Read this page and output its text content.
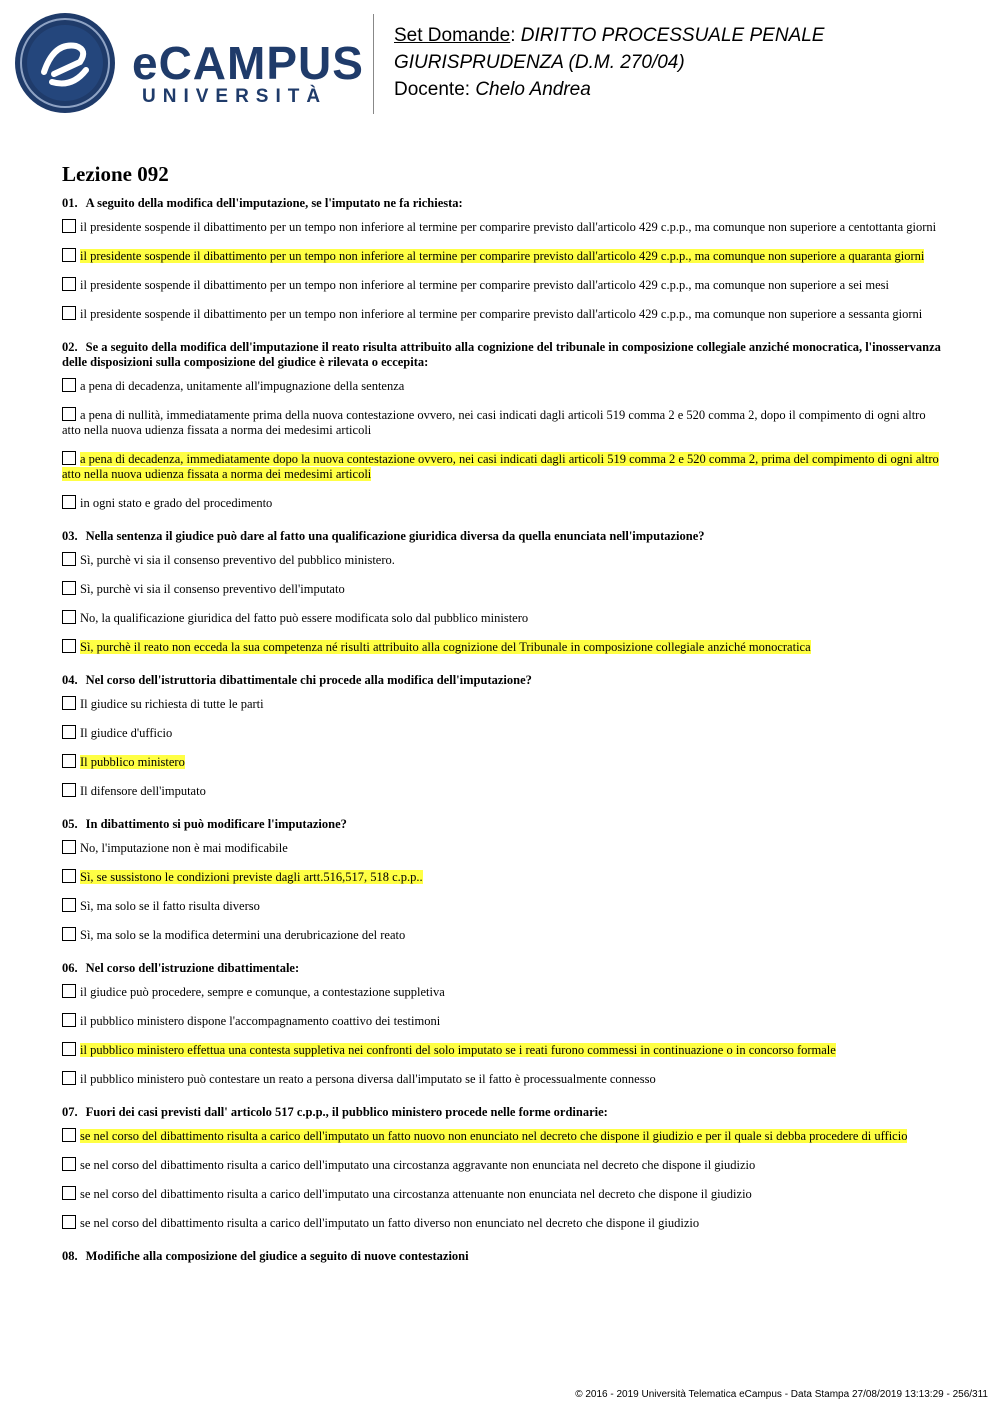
eCAMPUS
UNIVERSITÀ
Set Domande: DIRITTO PROCESSUALE PENALE
GIURISPRUDENZA (D.M. 270/04)
Docente: Chelo Andrea
Lezione 092
01. A seguito della modifica dell'imputazione, se l'imputato ne fa richiesta:
il presidente sospende il dibattimento per un tempo non inferiore al termine per comparire previsto dall'articolo 429 c.p.p., ma comunque non superiore a centottanta giorni
il presidente sospende il dibattimento per un tempo non inferiore al termine per comparire previsto dall'articolo 429 c.p.p., ma comunque non superiore a quaranta giorni
il presidente sospende il dibattimento per un tempo non inferiore al termine per comparire previsto dall'articolo 429 c.p.p., ma comunque non superiore a sei mesi
il presidente sospende il dibattimento per un tempo non inferiore al termine per comparire previsto dall'articolo 429 c.p.p., ma comunque non superiore a sessanta giorni
02. Se a seguito della modifica dell'imputazione il reato risulta attribuito alla cognizione del tribunale in composizione collegiale anziché monocratica, l'inosservanza delle disposizioni sulla composizione del giudice è rilevata o eccepita:
a pena di decadenza, unitamente all'impugnazione della sentenza
a pena di nullità, immediatamente prima della nuova contestazione ovvero, nei casi indicati dagli articoli 519 comma 2 e 520 comma 2, dopo il compimento di ogni altro atto nella nuova udienza fissata a norma dei medesimi articoli
a pena di decadenza, immediatamente dopo la nuova contestazione ovvero, nei casi indicati dagli articoli 519 comma 2 e 520 comma 2, prima del compimento di ogni altro atto nella nuova udienza fissata a norma dei medesimi articoli
in ogni stato e grado del procedimento
03. Nella sentenza il giudice può dare al fatto una qualificazione giuridica diversa da quella enunciata nell'imputazione?
Sì, purchè vi sia il consenso preventivo del pubblico ministero.
Sì, purchè vi sia il consenso preventivo dell'imputato
No, la qualificazione giuridica del fatto può essere modificata solo dal pubblico ministero
Sì, purchè il reato non ecceda la sua competenza né risulti attribuito alla cognizione del Tribunale in composizione collegiale anziché monocratica
04. Nel corso dell'istruttoria dibattimentale chi procede alla modifica dell'imputazione?
Il giudice su richiesta di tutte le parti
Il giudice d'ufficio
Il pubblico ministero
Il difensore dell'imputato
05. In dibattimento si può modificare l'imputazione?
No, l'imputazione non è mai modificabile
Sì, se sussistono le condizioni previste dagli artt.516,517, 518 c.p.p..
Sì, ma solo se il fatto risulta diverso
Sì, ma solo se la modifica determini una derubricazione del reato
06. Nel corso dell'istruzione dibattimentale:
il giudice può procedere, sempre e comunque, a contestazione suppletiva
il pubblico ministero dispone l'accompagnamento coattivo dei testimoni
il pubblico ministero effettua una contesta suppletiva nei confronti del solo imputato se i reati furono commessi in continuazione o in concorso formale
il pubblico ministero può contestare un reato a persona diversa dall'imputato se il fatto è processualmente connesso
07. Fuori dei casi previsti dall' articolo 517 c.p.p., il pubblico ministero procede nelle forme ordinarie:
se nel corso del dibattimento risulta a carico dell'imputato un fatto nuovo non enunciato nel decreto che dispone il giudizio e per il quale si debba procedere di ufficio
se nel corso del dibattimento risulta a carico dell'imputato una circostanza aggravante non enunciata nel decreto che dispone il giudizio
se nel corso del dibattimento risulta a carico dell'imputato una circostanza attenuante non enunciata nel decreto che dispone il giudizio
se nel corso del dibattimento risulta a carico dell'imputato un fatto diverso non enunciato nel decreto che dispone il giudizio
08. Modifiche alla composizione del giudice a seguito di nuove contestazioni
© 2016 - 2019 Università Telematica eCampus - Data Stampa 27/08/2019 13:13:29 - 256/311
